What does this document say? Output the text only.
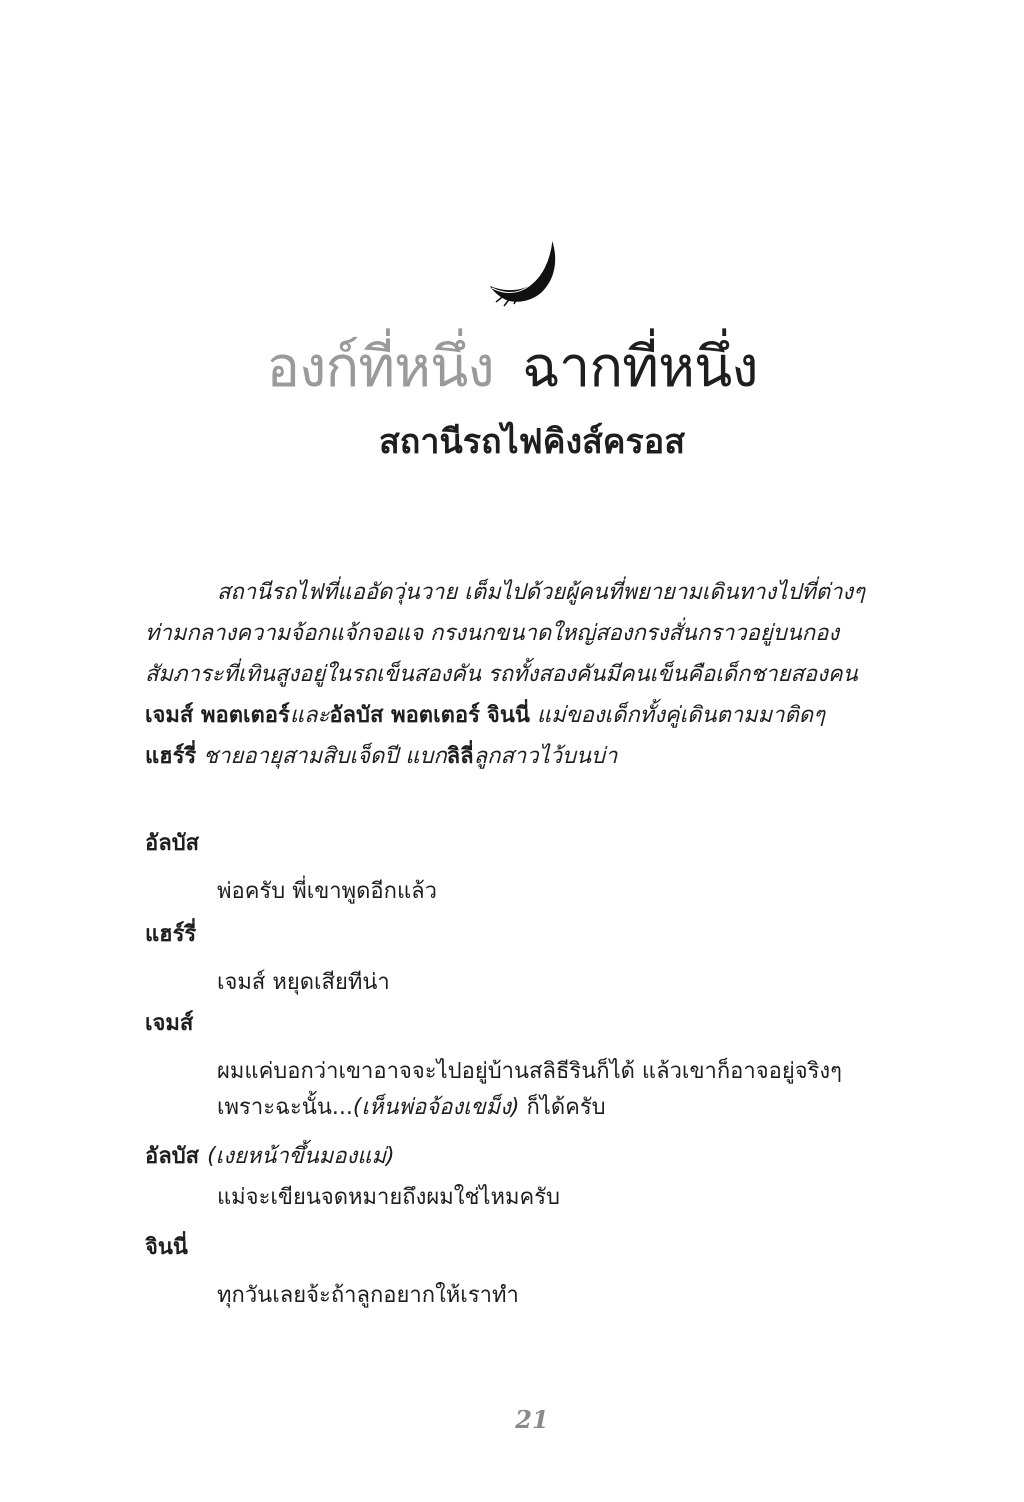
องก์ที่หนึ่ง ฉากที่หนึ่ง
สถานีรถไฟคิงส์ครอส
สถานีรถไฟที่แออัดวุ่นวาย เต็มไปด้วยผู้คนที่พยายามเดินทางไปที่ต่างๆ
ท่ามกลางความจ้อกแจ้กจอแจ กรงนกขนาดใหญ่สองกรงสั่นกราวอยู่บนกอง
สัมภาระที่เทินสูงอยู่ในรถเข็นสองคัน รถทั้งสองคันมีคนเข็นคือเด็กชายสองคน
เจมส์ พอตเตอร์และอัลบัส พอตเตอร์ จินนี่ แม่ของเด็กทั้งคู่เดินตามมาติดๆ
แฮร์รี่ ชายอายุสามสิบเจ็ดปี แบกลิลี่ลูกสาวไว้บนบ่า
อัลบัส
พ่อครับ พี่เขาพูดอีกแล้ว
แฮร์รี่
เจมส์ หยุดเสียทีน่า
เจมส์
ผมแค่บอกว่าเขาอาจจะไปอยู่บ้านสลิธีรินก็ได้ แล้วเขาก็อาจอยู่จริงๆ
เพราะฉะนั้น...(เห็นพ่อจ้องเขม็ง) ก็ได้ครับ
อัลบัส (เงยหน้าขึ้นมองแม่)
แม่จะเขียนจดหมายถึงผมใช่ไหมครับ
จินนี่
ทุกวันเลยจ้ะถ้าลูกอยากให้เราทำ
21
